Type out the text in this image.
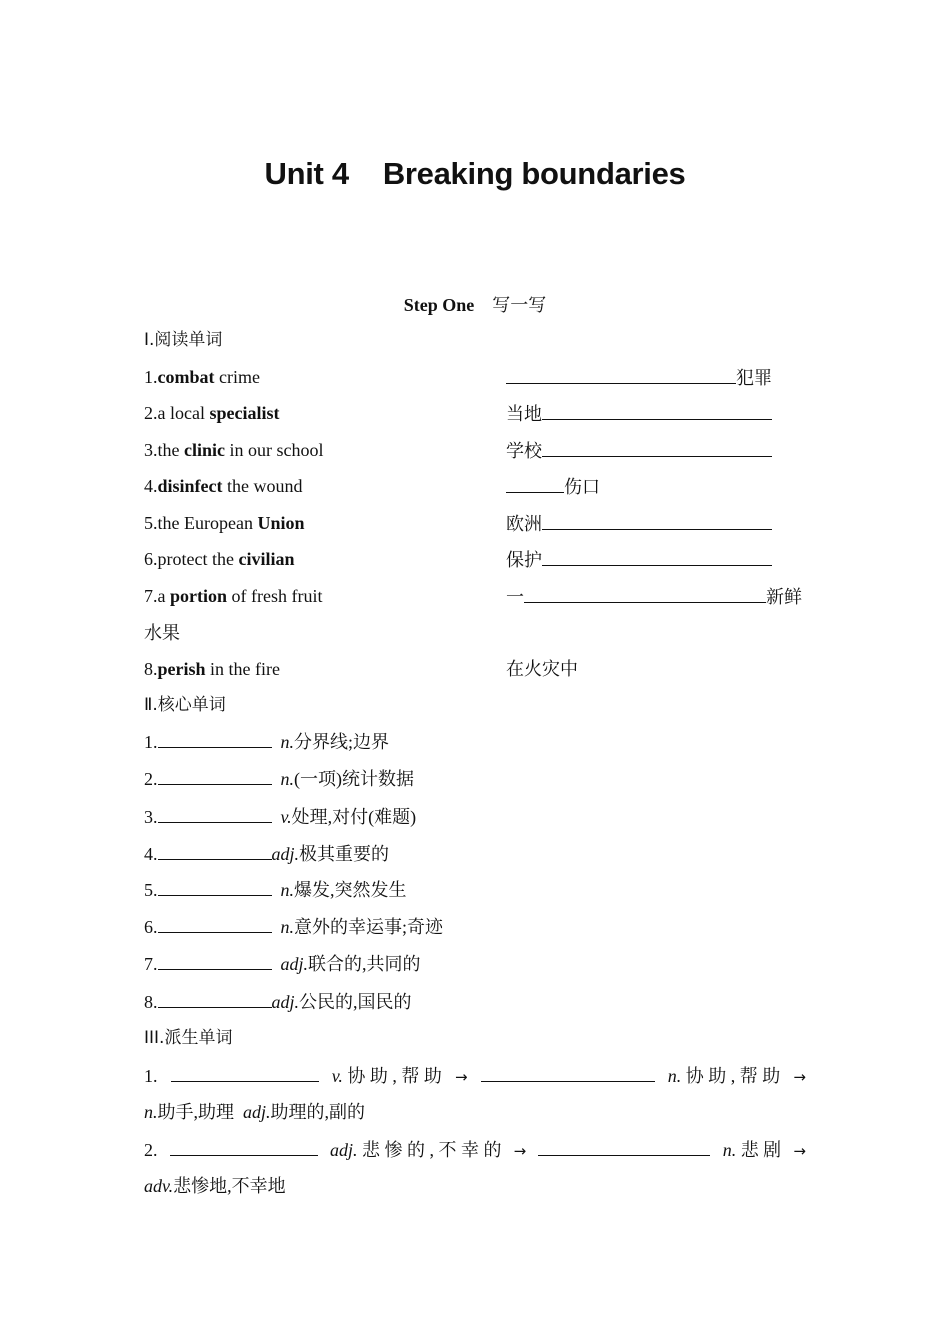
Unit 4 Breaking boundaries
Step One 写一写
Ⅰ.阅读单词
1.combat crime	犯罪
2.a local specialist	当地
3.the clinic in our school	学校
4.disinfect the wound	伤口
5.the European Union	欧洲
6.protect the civilian	保护
7.a portion of fresh fruit	一	新鲜
水果
8.perish in the fire	在火灾中
Ⅱ.核心单词
1.	n.分界线;边界
2.	n.(一项)统计数据
3.	v.处理,对付(难题)
4.	adj.极其重要的
5.	n.爆发,突然发生
6.	n.意外的幸运事;奇迹
7.	adj.联合的,共同的
8.	adj.公民的,国民的
III.派生单词
1.	v. 协 助 , 帮 助 →	n. 协 助 , 帮 助 →
n.助手,助理 adj.助理的,副的
2.	adj. 悲 惨 的 , 不 幸 的 →	n. 悲 剧 →
adv.悲惨地,不幸地
